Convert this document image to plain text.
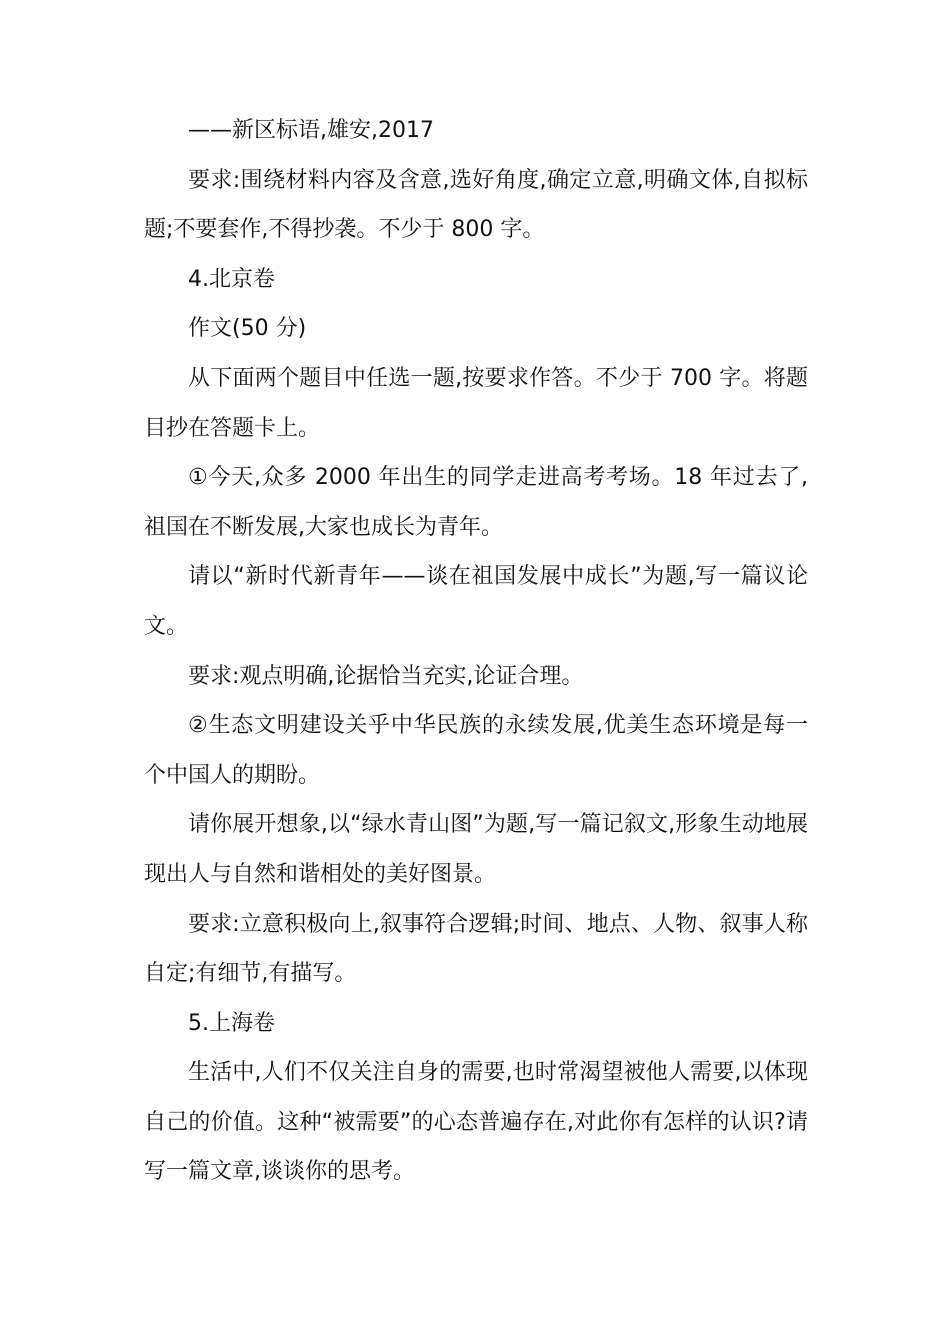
——新区标语,雄安,2017

要求:围绕材料内容及含意,选好角度,确定立意,明确文体,自拟标题;不要套作,不得抄袭。不少于 800 字。

4.北京卷

作文(50 分)

从下面两个题目中任选一题,按要求作答。不少于 700 字。将题目抄在答题卡上。

①今天,众多 2000 年出生的同学走进高考考场。18 年过去了,祖国在不断发展,大家也成长为青年。

请以“新时代新青年——谈在祖国发展中成长”为题,写一篇议论文。

要求:观点明确,论据恰当充实,论证合理。

②生态文明建设关乎中华民族的永续发展,优美生态环境是每一个中国人的期盼。

请你展开想象,以“绿水青山图”为题,写一篇记叙文,形象生动地展现出人与自然和谐相处的美好图景。

要求:立意积极向上,叙事符合逻辑;时间、地点、人物、叙事人称自定;有细节,有描写。

5.上海卷

生活中,人们不仅关注自身的需要,也时常渴望被他人需要,以体现自己的价值。这种“被需要”的心态普遍存在,对此你有怎样的认识?请写一篇文章,谈谈你的思考。
